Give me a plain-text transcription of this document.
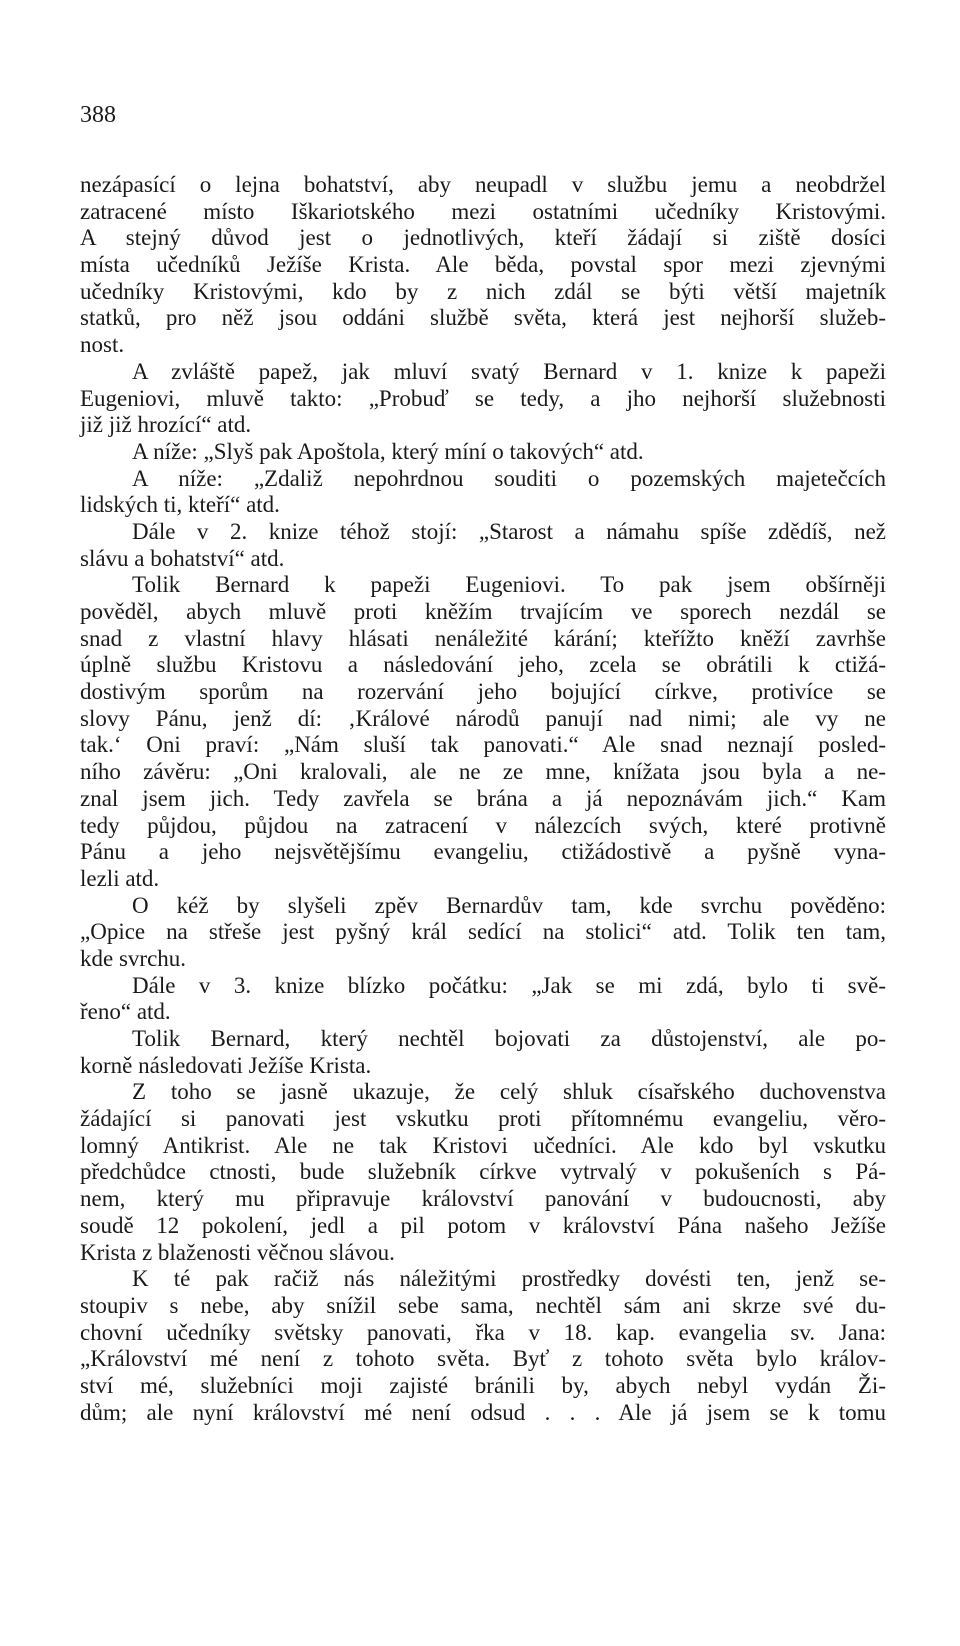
388
nezápasící o lejna bohatství, aby neupadl v službu jemu a neobdržel
zatracené místo Iškariotského mezi ostatními učedníky Kristovými.
A stejný důvod jest o jednotlivých, kteří žádají si ziště dosíci
místa učedníků Ježíše Krista. Ale běda, povstal spor mezi zjevnými
učedníky Kristovými, kdo by z nich zdál se býti větší majetník
statků, pro něž jsou oddáni službě světa, která jest nejhorší služeb-
nost.
A zvláště papež, jak mluví svatý Bernard v 1. knize k papeži
Eugeniovi, mluvě takto: „Probuď se tedy, a jho nejhorší služebnosti
již již hrozící“ atd.
A níže: „Slyš pak Apoštola, který míní o takových“ atd.
A níže: „Zdaliž nepohrdnou souditi o pozemských majetečcích
lidských ti, kteří“ atd.
Dále v 2. knize téhož stojí: „Starost a námahu spíše zdědíš, než
slávu a bohatství“ atd.
Tolik Bernard k papeži Eugeniovi. To pak jsem obšírněji
pověděl, abych mluvě proti kněžím trvajícím ve sporech nezdál se
snad z vlastní hlavy hlásati nenáležité kárání; kteřížto kněží zavrhše
úplně službu Kristovu a následování jeho, zcela se obrátili k ctižá-
dostivým sporům na rozervání jeho bojující církve, protivíce se
slovy Pánu, jenž dí: ‚Králové národů panují nad nimi; ale vy ne
tak.‘ Oni praví: „Nám sluší tak panovati.“ Ale snad neznají posled-
ního závěru: „Oni kralovali, ale ne ze mne, knížata jsou byla a ne-
znal jsem jich. Tedy zavřela se brána a já nepoznávám jich.“ Kam
tedy půjdou, půjdou na zatracení v nálezcích svých, které protivně
Pánu a jeho nejsvětějšímu evangeliu, ctižádostivě a pyšně vyna-
lezli atd.
O kéž by slyšeli zpěv Bernardův tam, kde svrchu pověděno:
„Opice na střeše jest pyšný král sedící na stolici“ atd. Tolik ten tam,
kde svrchu.
Dále v 3. knize blízko počátku: „Jak se mi zdá, bylo ti svě-
řeno“ atd.
Tolik Bernard, který nechtěl bojovati za důstojenství, ale po-
korně následovati Ježíše Krista.
Z toho se jasně ukazuje, že celý shluk císařského duchovenstva
žádající si panovati jest vskutku proti přítomnému evangeliu, věro-
lomný Antikrist. Ale ne tak Kristovi učedníci. Ale kdo byl vskutku
předchůdce ctnosti, bude služebník církve vytrvalý v pokušeních s Pá-
nem, který mu připravuje království panování v budoucnosti, aby
soudě 12 pokolení, jedl a pil potom v království Pána našeho Ježíše
Krista z blaženosti věčnou slávou.
K té pak račiž nás náležitými prostředky dovésti ten, jenž se-
stoupiv s nebe, aby snížil sebe sama, nechtěl sám ani skrze své du-
chovní učedníky světsky panovati, řka v 18. kap. evangelia sv. Jana:
„Království mé není z tohoto světa. Byť z tohoto světa bylo králov-
ství mé, služebníci moji zajisté bránili by, abych nebyl vydán Ži-
dům; ale nyní království mé není odsud . . . Ale já jsem se k tomu
